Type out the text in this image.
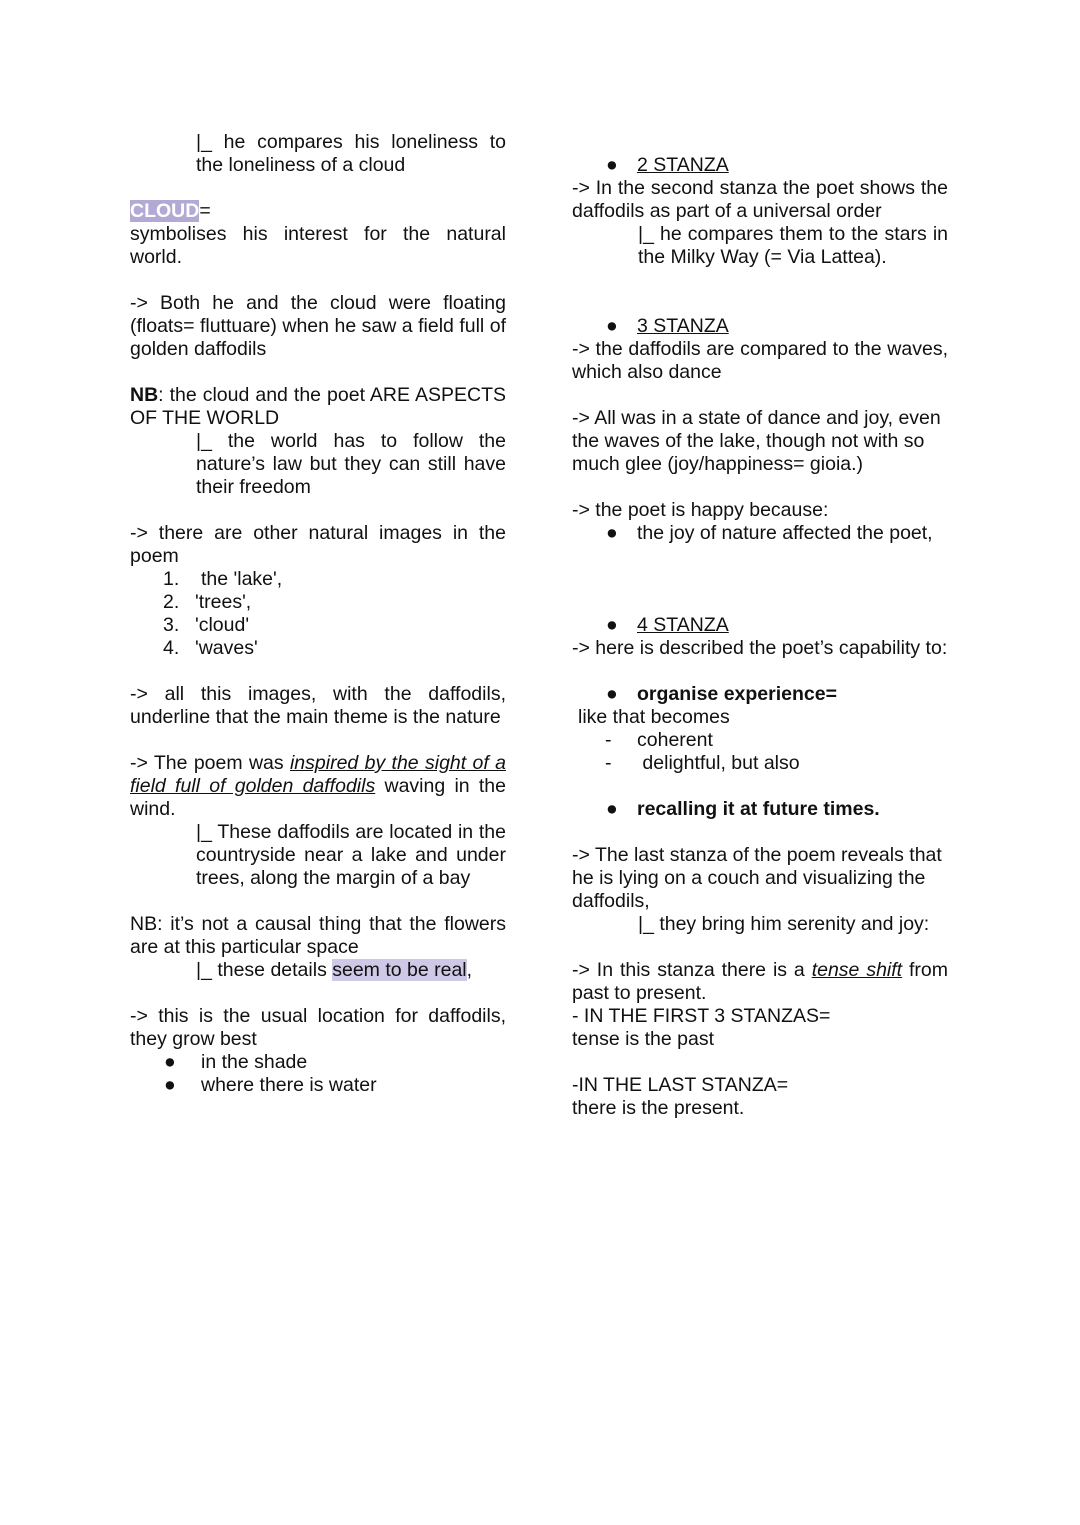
|_ he compares his loneliness to

the loneliness of a cloud

CLOUD=

symbolises his interest for the natural world.

-> Both he and the cloud were floating (floats= fluttuare) when he saw a field full of golden daffodils

NB: the cloud and the poet ARE ASPECTS OF THE WORLD

|_ the world has to follow the nature’s law but they can still have their freedom

-> there are other natural images in the poem

1. the 'lake',
2. 'trees',
3. 'cloud'
4. 'waves'

-> all this images, with the daffodils, underline that the main theme is the nature

-> The poem was inspired by the sight of a field full of golden daffodils waving in the wind.

|_ These daffodils are located in the countryside near a lake and under trees, along the margin of a bay

NB: it’s not a causal thing that the flowers are at this particular space

|_ these details seem to be real,

-> this is the usual location for daffodils, they grow best

● in the shade
● where there is water
● 2 STANZA

-> In the second stanza the poet shows the daffodils as part of a universal order

|_ he compares them to the stars in the Milky Way (= Via Lattea).

● 3 STANZA

-> the daffodils are compared to the waves, which also dance

-> All was in a state of dance and joy, even the waves of the lake, though not with so much glee (joy/happiness= gioia.)

-> the poet is happy because:

● the joy of nature affected the poet,
● 4 STANZA

-> here is described the poet’s capability to:

● organise experience=

like that becomes

- coherent
- delightful, but also
● recalling it at future times.

-> The last stanza of the poem reveals that he is lying on a couch and visualizing the daffodils,

|_ they bring him serenity and joy:

-> In this stanza there is a tense shift from past to present.

- IN THE FIRST 3 STANZAS=

tense is the past

-IN THE LAST STANZA=

there is the present.
